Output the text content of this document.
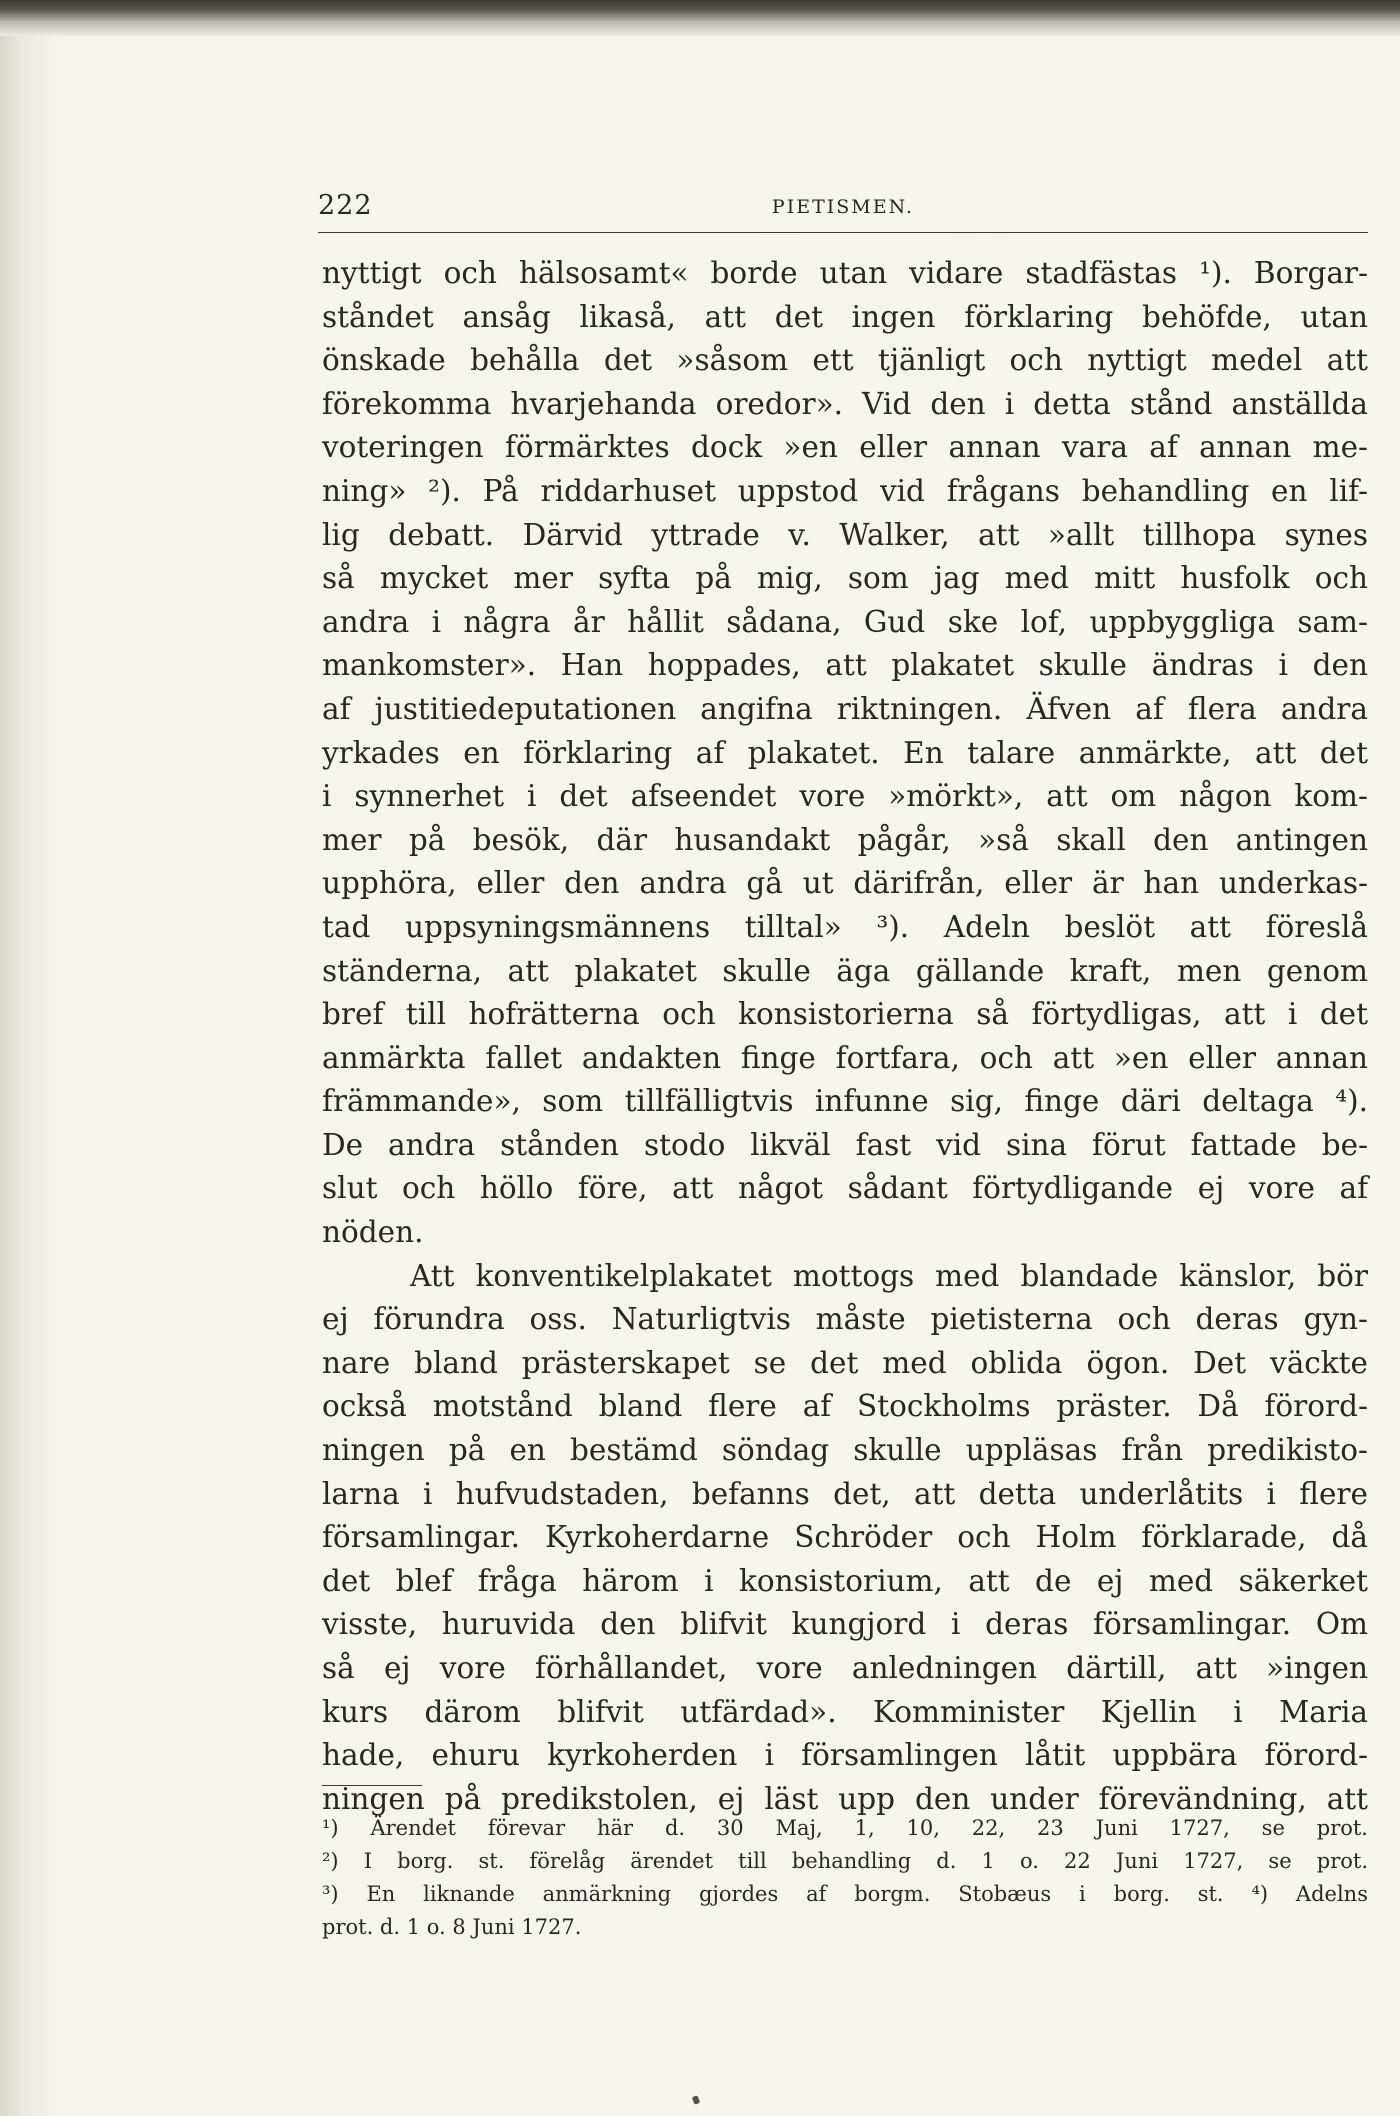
222	PIETISMEN.
nyttigt och hälsosamt« borde utan vidare stadfästas ¹). Borgar-
ståndet ansåg likaså, att det ingen förklaring behöfde, utan
önskade behålla det »såsom ett tjänligt och nyttigt medel att
förekomma hvarjehanda oredor». Vid den i detta stånd anställda
voteringen förmärktes dock »en eller annan vara af annan me-
ning» ²). På riddarhuset uppstod vid frågans behandling en lif-
lig debatt. Därvid yttrade v. Walker, att »allt tillhopa synes
så mycket mer syfta på mig, som jag med mitt husfolk och
andra i några år hållit sådana, Gud ske lof, uppbyggliga sam-
mankomster». Han hoppades, att plakatet skulle ändras i den
af justitiedeputationen angifna riktningen. Äfven af flera andra
yrkades en förklaring af plakatet. En talare anmärkte, att det
i synnerhet i det afseendet vore »mörkt», att om någon kom-
mer på besök, där husandakt pågår, »så skall den antingen
upphöra, eller den andra gå ut därifrån, eller är han underkas-
tad uppsyningsmännens tilltal» ³). Adeln beslöt att föreslå
ständerna, att plakatet skulle äga gällande kraft, men genom
bref till hofrätterna och konsistorierna så förtydligas, att i det
anmärkta fallet andakten finge fortfara, och att »en eller annan
främmande», som tillfälligtvis infunne sig, finge däri deltaga ⁴).
De andra stånden stodo likväl fast vid sina förut fattade be-
slut och höllo före, att något sådant förtydligande ej vore af
nöden.
Att konventikelplakatet mottogs med blandade känslor, bör
ej förundra oss. Naturligtvis måste pietisterna och deras gyn-
nare bland prästerskapet se det med oblida ögon. Det väckte
också motstånd bland flere af Stockholms präster. Då förord-
ningen på en bestämd söndag skulle uppläsas från predikisto-
larna i hufvudstaden, befanns det, att detta underlåtits i flere
församlingar. Kyrkoherdarne Schröder och Holm förklarade, då
det blef fråga härom i konsistorium, att de ej med säkerket
visste, huruvida den blifvit kungjord i deras församlingar. Om
så ej vore förhållandet, vore anledningen därtill, att »ingen
kurs därom blifvit utfärdad». Komminister Kjellin i Maria
hade, ehuru kyrkoherden i församlingen låtit uppbära förord-
ningen på predikstolen, ej läst upp den under förevändning, att
¹) Ärendet förevar här d. 30 Maj, 1, 10, 22, 23 Juni 1727, se prot.
²) I borg. st. förelåg ärendet till behandling d. 1 o. 22 Juni 1727, se prot.
³) En liknande anmärkning gjordes af borgm. Stobæus i borg. st. ⁴) Adelns
prot. d. 1 o. 8 Juni 1727.
